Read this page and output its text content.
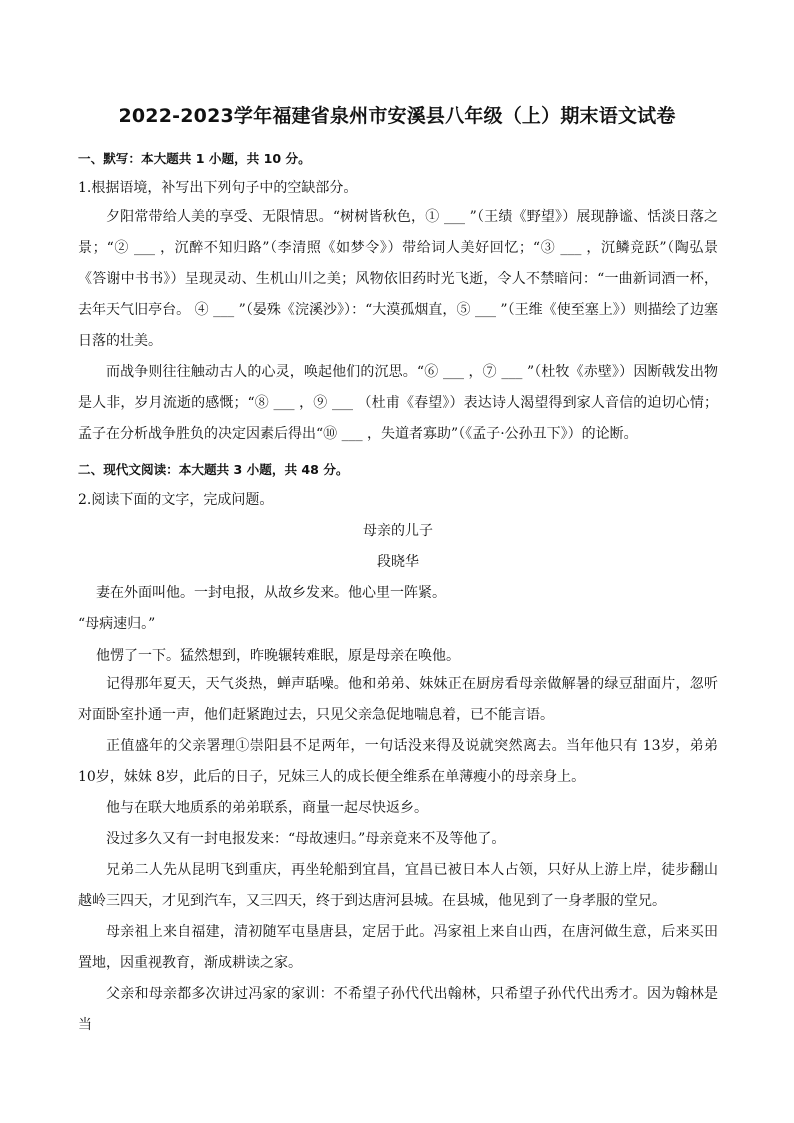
2022-2023学年福建省泉州市安溪县八年级（上）期末语文试卷
一、默写：本大题共 1 小题，共 10 分。
1.根据语境，补写出下列句子中的空缺部分。
夕阳常带给人美的享受、无限情思。“树树皆秋色，① ___ ”（王绩《野望》）展现静谧、恬淡日落之景；“② ___ ，沉醉不知归路”（李清照《如梦令》）带给词人美好回忆；“③ ___ ，沉鳞竞跃”（陶弘景《答谢中书书》）呈现灵动、生机山川之美；风物依旧药时光飞逝，令人不禁暗问：“一曲新词酒一杯，去年天气旧亭台。 ④ ___ ”（晏殊《浣溪沙》）：“大漠孤烟直，⑤ ___ ”（王维《使至塞上》）则描绘了边塞日落的壮美。
而战争则往往触动古人的心灵，唤起他们的沉思。“⑥ ___ ，⑦ ___ ”（杜牧《赤壁》）因断戟发出物是人非，岁月流逝的感慨；“⑧ ___ ，⑨ ___ （杜甫《春望》）表达诗人渴望得到家人音信的迫切心情；孟子在分析战争胜负的决定因素后得出“⑩ ___ ，失道者寡助”（《孟子·公孙丑下》）的论断。
二、现代文阅读：本大题共 3 小题，共 48 分。
2.阅读下面的文字，完成问题。
母亲的儿子
段晓华
妻在外面叫他。一封电报，从故乡发来。他心里一阵紧。
“母病速归。”
他愣了一下。猛然想到，昨晚辗转难眠，原是母亲在唤他。
记得那年夏天，天气炎热，蝉声聒噪。他和弟弟、妹妹正在厨房看母亲做解暑的绿豆甜面片，忽听对面卧室扑通一声，他们赶紧跑过去，只见父亲急促地喘息着，已不能言语。
正值盛年的父亲署理①崇阳县不足两年，一句话没来得及说就突然离去。当年他只有 13岁，弟弟 10岁，妹妹 8岁，此后的日子，兄妹三人的成长便全维系在单薄瘦小的母亲身上。
他与在联大地质系的弟弟联系，商量一起尽快返乡。
没过多久又有一封电报发来：“母故速归。”母亲竟来不及等他了。
兄弟二人先从昆明飞到重庆，再坐轮船到宜昌，宜昌已被日本人占领，只好从上游上岸，徒步翻山越岭三四天，才见到汽车，又三四天，终于到达唐河县城。在县城，他见到了一身孝服的堂兄。
母亲祖上来自福建，清初随军屯垦唐县，定居于此。冯家祖上来自山西，在唐河做生意，后来买田置地，因重视教育，渐成耕读之家。
父亲和母亲都多次讲过冯家的家训：不希望子孙代代出翰林，只希望子孙代代出秀才。因为翰林是当
